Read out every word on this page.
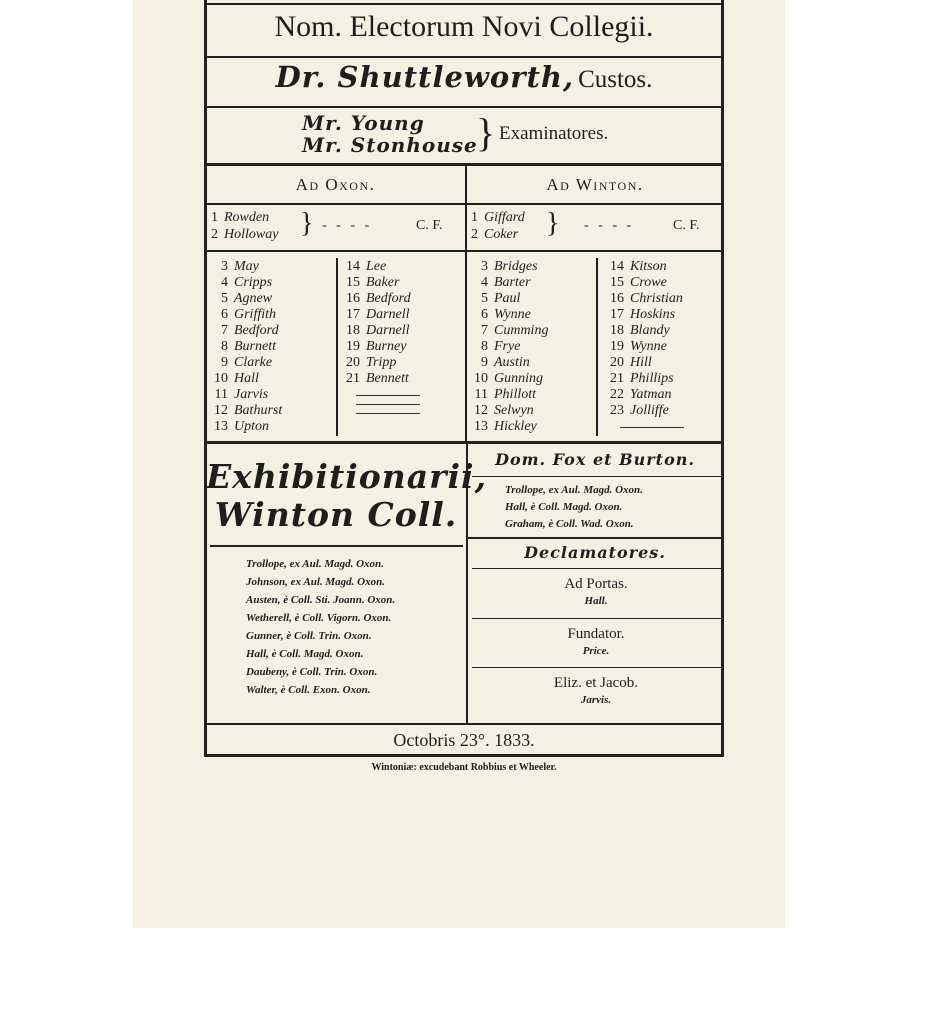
Nom. Electorum Novi Collegii.
Dr. Shuttleworth, Custos.
Mr. Young
Mr. Stonhouse
} Examinatores.
Ad Oxon.	Ad Winton.
1 Rowden
2 Holloway } - - - -	C. F.
1 Giffard
2 Coker } - - - -	C. F.
3 May
4 Cripps
5 Agnew
6 Griffith
7 Bedford
8 Burnett
9 Clarke
10 Hall
11 Jarvis
12 Bathurst
13 Upton
14 Lee
15 Baker
16 Bedford
17 Darnell
18 Darnell
19 Burney
20 Tripp
21 Bennett
3 Bridges
4 Barter
5 Paul
6 Wynne
7 Cumming
8 Frye
9 Austin
10 Gunning
11 Phillott
12 Selwyn
13 Hickley
14 Kitson
15 Crowe
16 Christian
17 Hoskins
18 Blandy
19 Wynne
20 Hill
21 Phillips
22 Yatman
23 Jolliffe
Exhibitionarii,
Winton Coll.
Trollope, ex Aul. Magd. Oxon.
Johnson, ex Aul. Magd. Oxon.
Austen, è Coll. Sti. Joann. Oxon.
Wetherell, è Coll. Vigorn. Oxon.
Gunner, è Coll. Trin. Oxon.
Hall, è Coll. Magd. Oxon.
Daubeny, è Coll. Trin. Oxon.
Walter, è Coll. Exon. Oxon.
Dom. Fox et Burton.
Trollope, ex Aul. Magd. Oxon.
Hall, è Coll. Magd. Oxon.
Graham, è Coll. Wad. Oxon.
Declamatores.
Ad Portas.
Hall.
Fundator.
Price.
Eliz. et Jacob.
Jarvis.
Octobris 23°. 1833.
Wintoniæ: excudebant Robbius et Wheeler.
